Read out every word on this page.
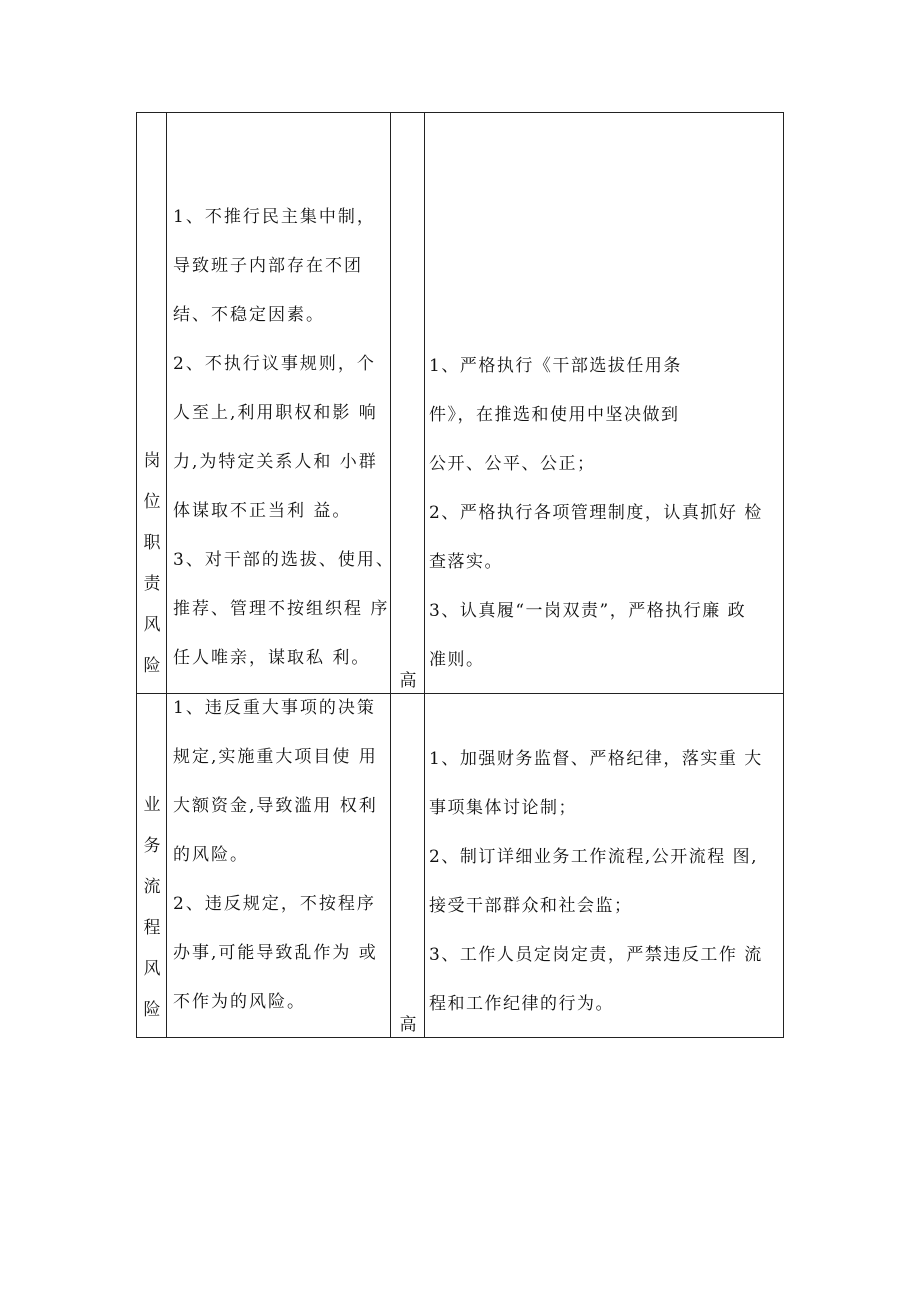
岗
位
职
责
风
险
1、不推行民主集中制，
导致班子内部存在不团
结、不稳定因素。
2、不执行议事规则，个
人至上,利用职权和影 响
力,为特定关系人和 小群
体谋取不正当利 益。
3、对干部的选拔、使用、
推荐、管理不按组织程 序
任人唯亲，谋取私 利。
高
1、严格执行《干部选拔任用条
件》，在推选和使用中坚决做到
公开、公平、公正；
2、严格执行各项管理制度，认真抓好 检
查落实。
3、认真履“一岗双责”，严格执行廉 政
准则。
业
务
流
程
风
险
1、违反重大事项的决策
规定,实施重大项目使 用
大额资金,导致滥用 权利
的风险。
2、违反规定，不按程序
办事,可能导致乱作为 或
不作为的风险。
高
1、加强财务监督、严格纪律，落实重 大
事项集体讨论制；
2、制订详细业务工作流程,公开流程 图,
接受干部群众和社会监；
3、工作人员定岗定责，严禁违反工作 流
程和工作纪律的行为。
